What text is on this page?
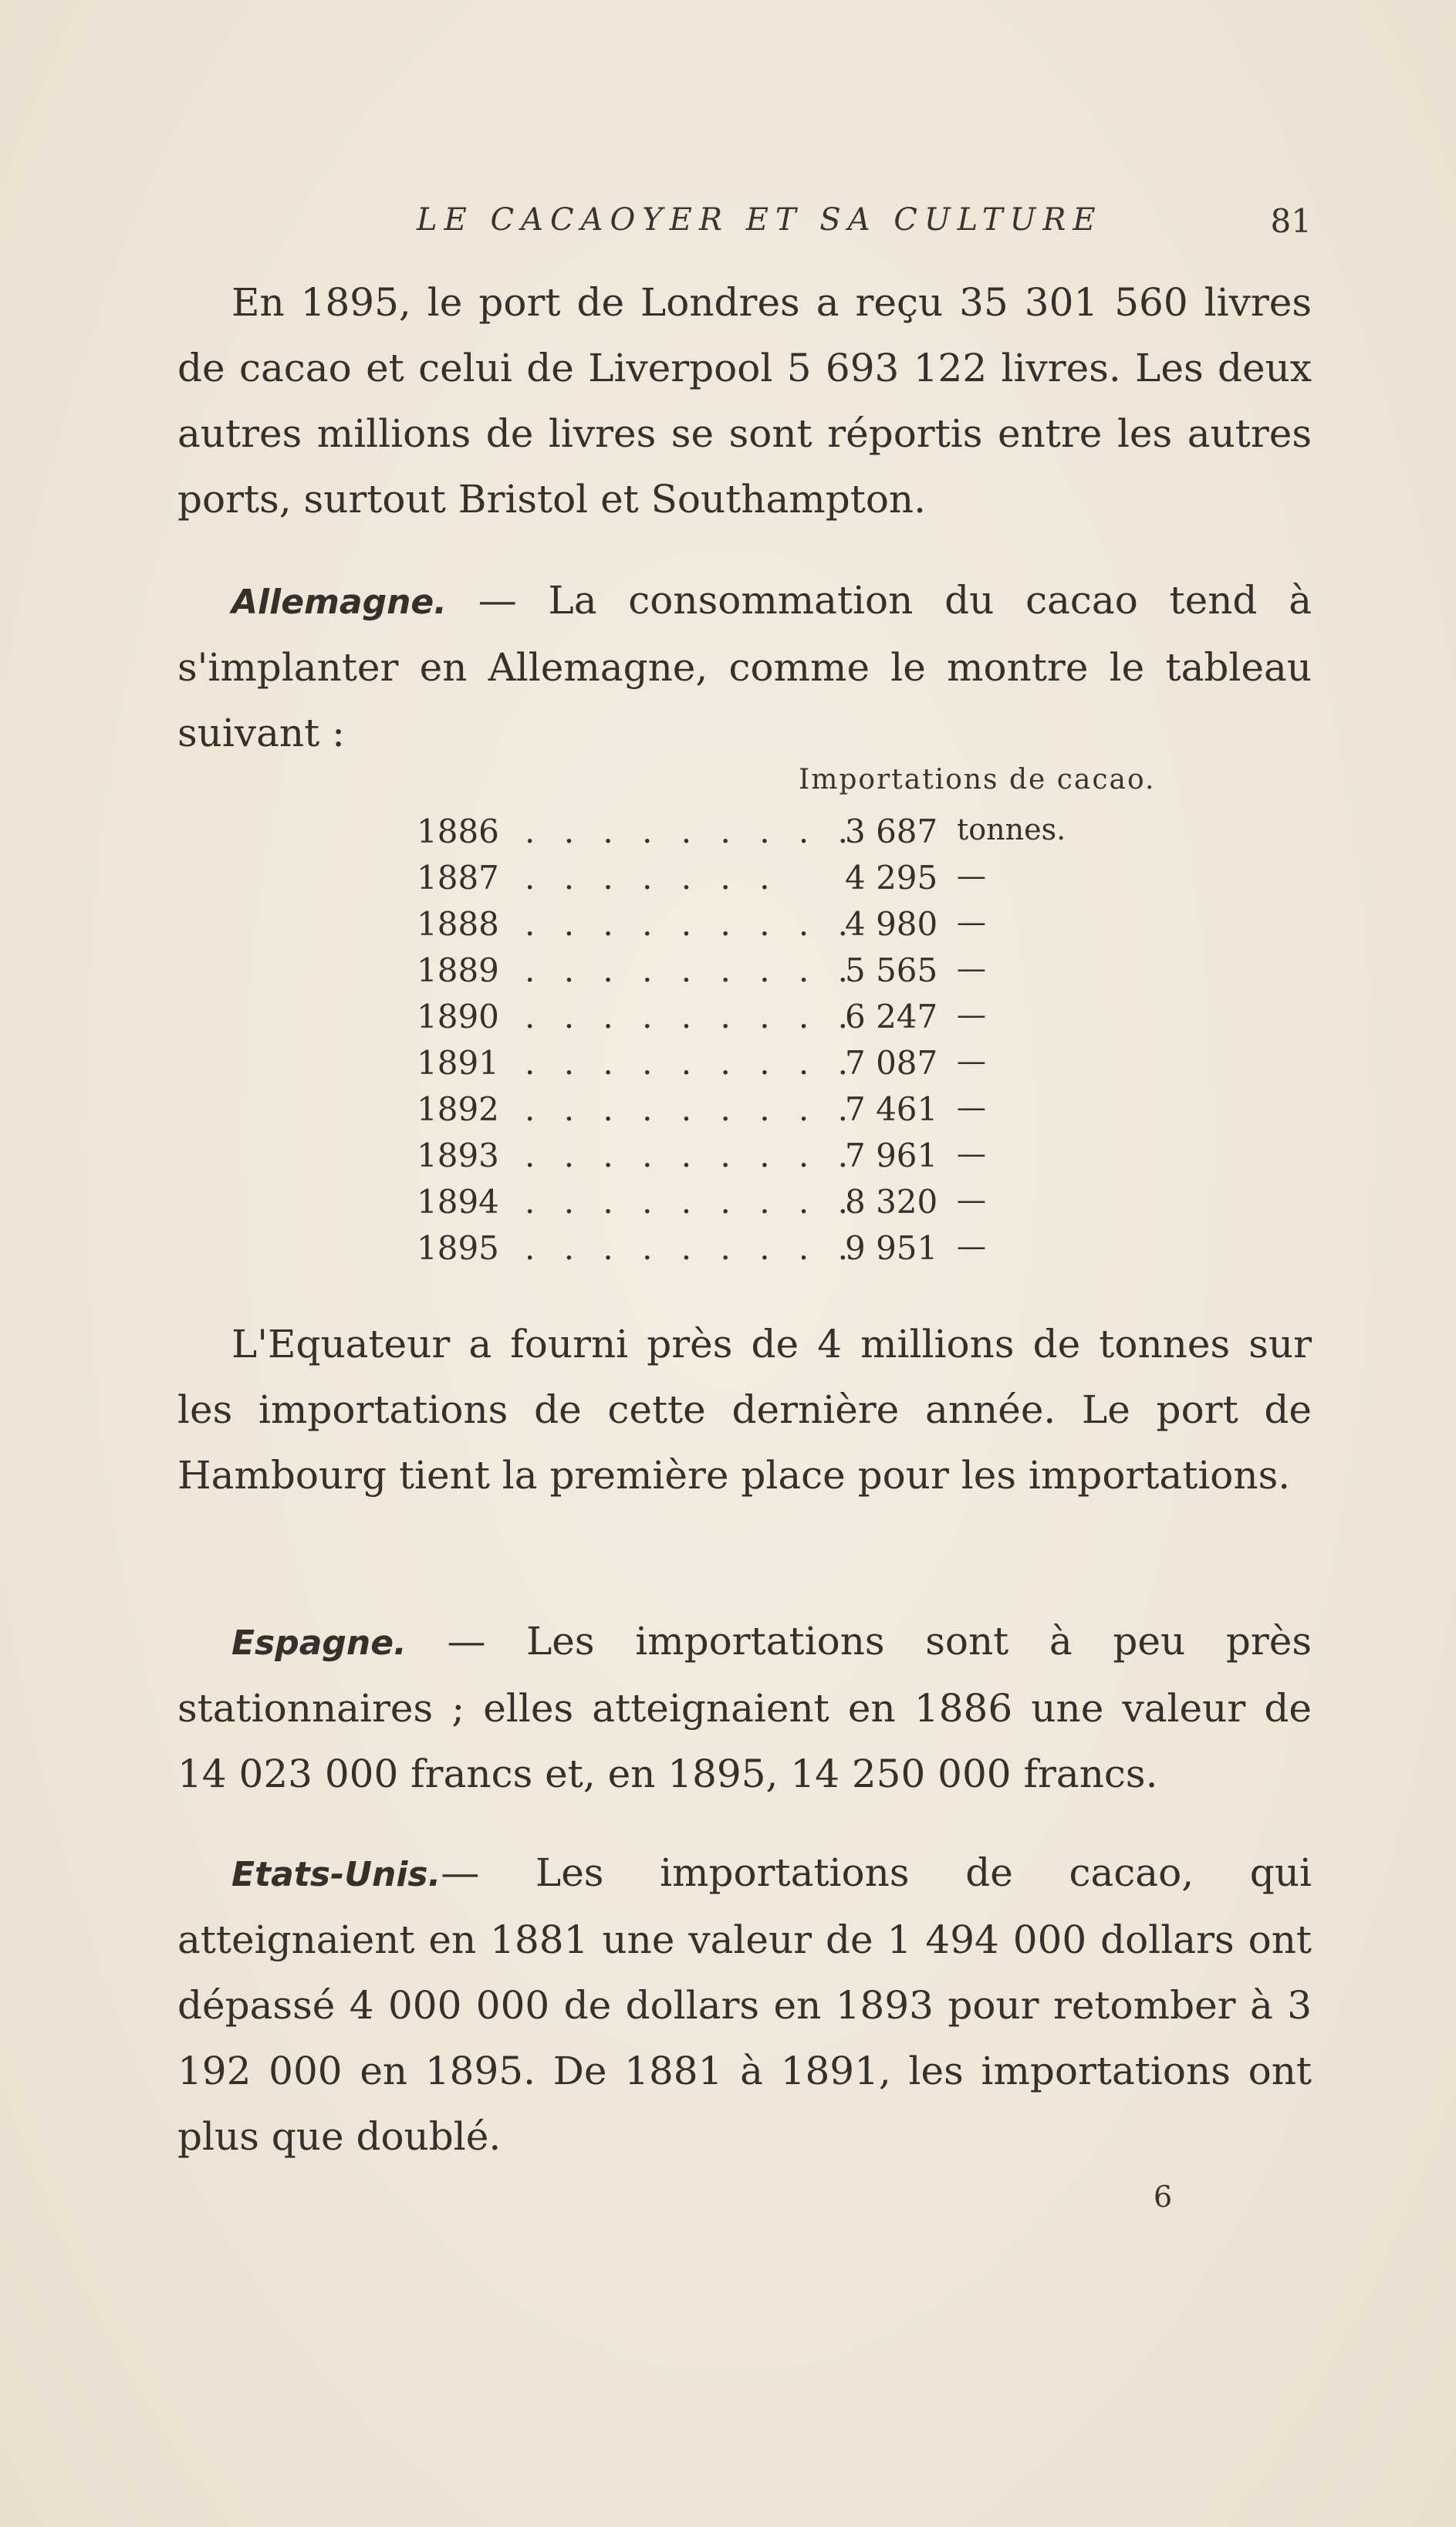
LE CACAOYER ET SA CULTURE	81

En 1895, le port de Londres a reçu 35 301 560 livres de cacao et celui de Liverpool 5 693 122 livres. Les deux autres millions de livres se sont réportis entre les autres ports, surtout Bristol et Southampton.

Allemagne. — La consommation du cacao tend à s'implanter en Allemagne, comme le montre le tableau suivant :

Importations de cacao.
1886 . . . . . . . . .
3 687 tonnes.
1887 . . . . . . . 4 295 —
1888 . . . . . . . . .
4 980 —
1889 . . . . . . . . .
5 565 —
1890 . . . . . . . . .
6 247 —
1891 . . . . . . . . .
7 087 —
1892 . . . . . . . . .
7 461 —
1893 . . . . . . . . .
7 961 —
1894 . . . . . . . . .
8 320 —
1895 . . . . . . . . .
9 951 —

L'Equateur a fourni près de 4 millions de tonnes sur les importations de cette dernière année. Le port de Hambourg tient la première place pour les importations.

Espagne. — Les importations sont à peu près stationnaires ; elles atteignaient en 1886 une valeur de 14 023 000 francs et, en 1895, 14 250 000 francs.

Etats-Unis.— Les importations de cacao, qui atteignaient en 1881 une valeur de 1 494 000 dollars ont dépassé 4 000 000 de dollars en 1893 pour retomber à 3 192 000 en 1895. De 1881 à 1891, les importations ont plus que doublé.

6
